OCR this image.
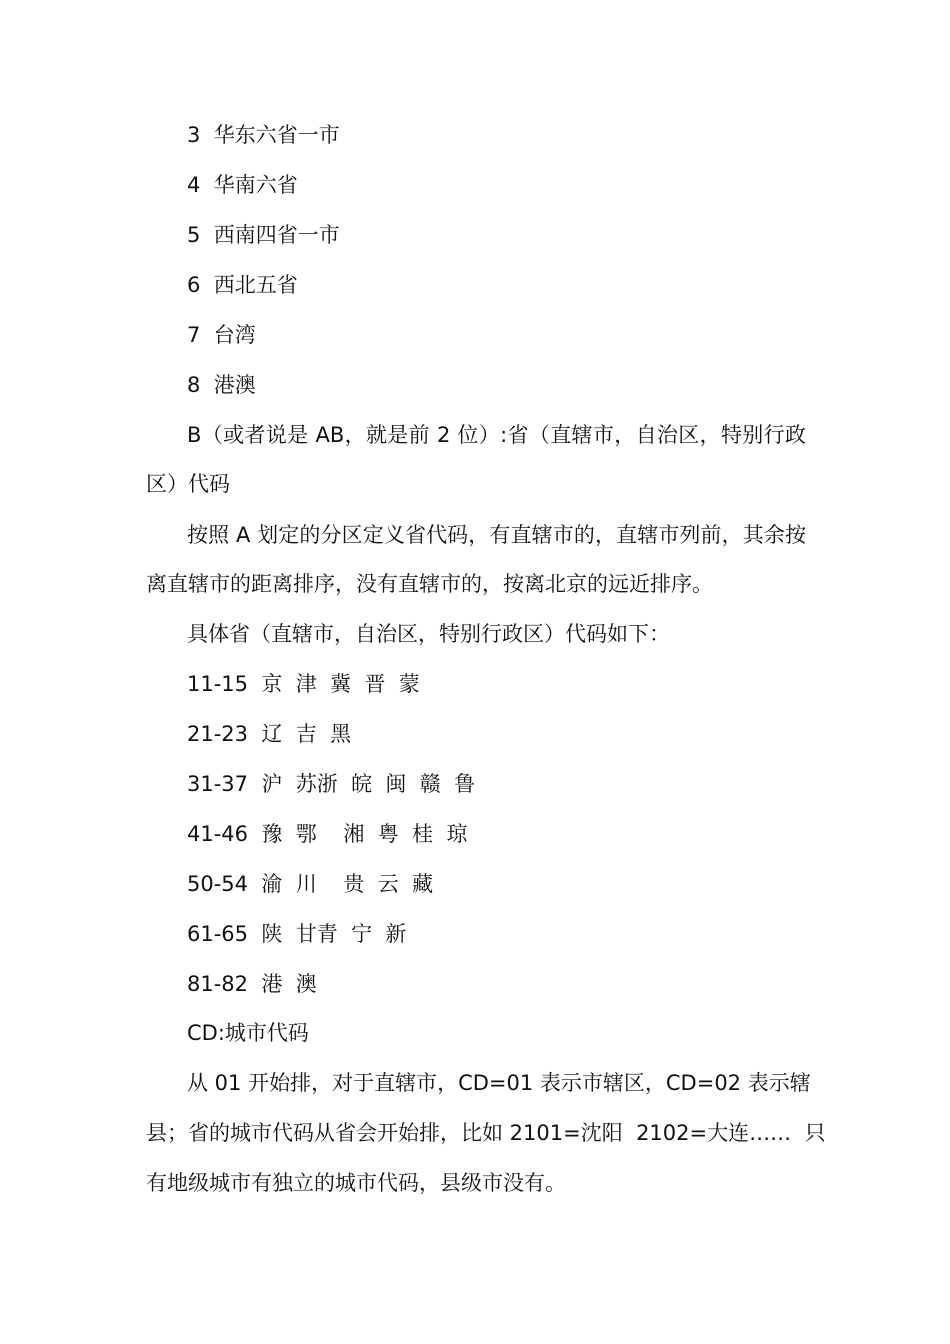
3  华东六省一市
4  华南六省
5  西南四省一市
6  西北五省
7  台湾
8  港澳
B（或者说是 AB，就是前 2 位）:省（直辖市，自治区，特别行政
区）代码
按照 A 划定的分区定义省代码，有直辖市的，直辖市列前，其余按
离直辖市的距离排序，没有直辖市的，按离北京的远近排序。
具体省（直辖市，自治区，特别行政区）代码如下：
11-15  京  津  冀  晋  蒙
21-23  辽  吉  黑
31-37  沪  苏浙  皖  闽  赣  鲁
41-46  豫  鄂    湘  粤  桂  琼
50-54  渝  川    贵  云  藏
61-65  陕  甘青  宁  新
81-82  港  澳
CD:城市代码
从 01 开始排，对于直辖市，CD=01 表示市辖区，CD=02 表示辖
县；省的城市代码从省会开始排，比如 2101=沈阳  2102=大连……  只
有地级城市有独立的城市代码，县级市没有。
